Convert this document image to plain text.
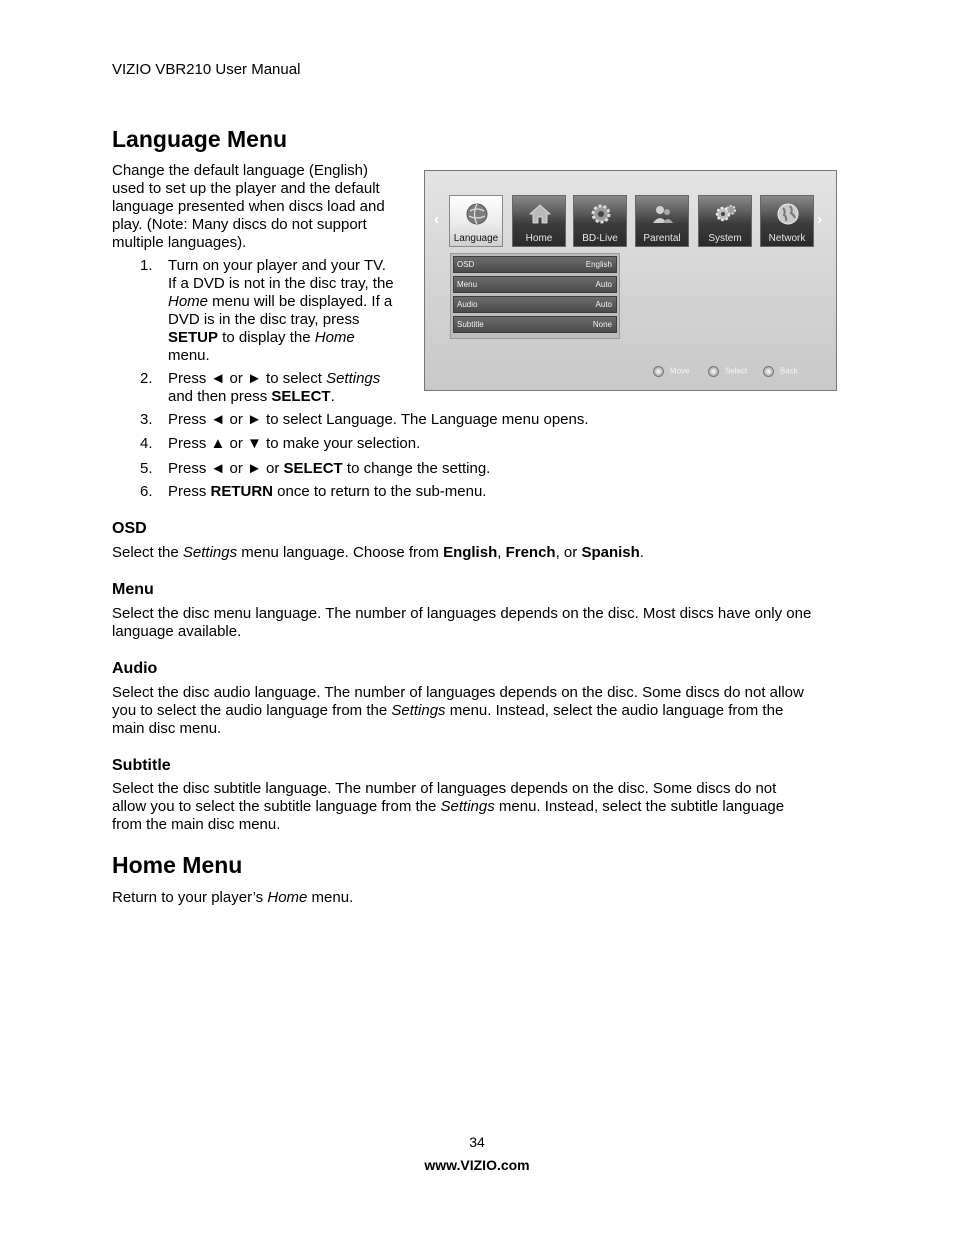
VIZIO VBR210 User Manual
Language Menu
Change the default language (English)
used to set up the player and the default
language presented when discs load and
play. (Note: Many discs do not support
multiple languages).
1. Turn on your player and your TV.
If a DVD is not in the disc tray, the
Home menu will be displayed. If a
DVD is in the disc tray, press
SETUP to display the Home
menu.
2. Press ◄ or ► to select Settings
and then press SELECT.
3. Press ◄ or ► to select Language. The Language menu opens.
4. Press ▲ or ▼ to make your selection.
5. Press ◄ or ► or SELECT to change the setting.
6. Press RETURN once to return to the sub-menu.
‹	›
Language	Home	BD-Live	Parental	System	Network
OSD	English
Menu	Auto
Audio	Auto
Subtitle	None
Move	Select	Back
OSD
Select the Settings menu language. Choose from English, French, or Spanish.
Menu
Select the disc menu language. The number of languages depends on the disc. Most discs have only one
language available.
Audio
Select the disc audio language. The number of languages depends on the disc. Some discs do not allow
you to select the audio language from the Settings menu. Instead, select the audio language from the
main disc menu.
Subtitle
Select the disc subtitle language. The number of languages depends on the disc. Some discs do not
allow you to select the subtitle language from the Settings menu. Instead, select the subtitle language
from the main disc menu.
Home Menu
Return to your player’s Home menu.
34
www.VIZIO.com
